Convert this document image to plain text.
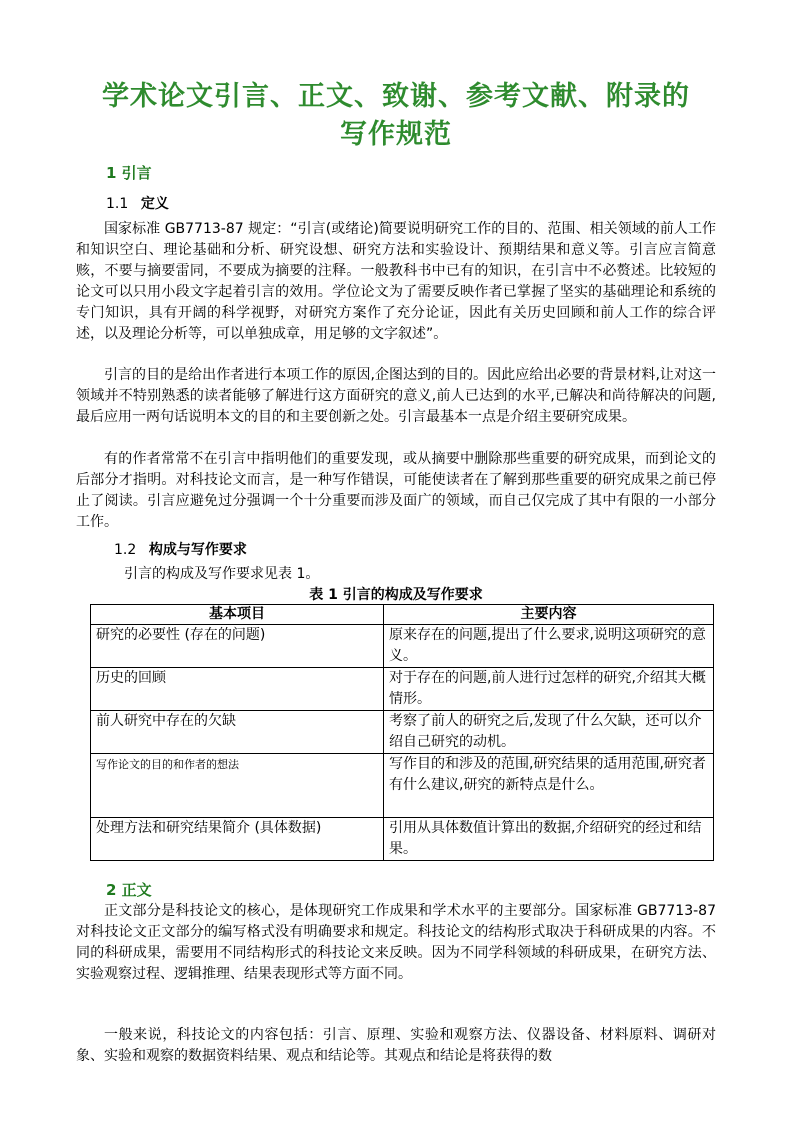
学术论文引言、正文、致谢、参考文献、附录的
写作规范
1 引言
1.1 定义

国家标准 GB7713-87 规定：“引言(或绪论)简要说明研究工作的目的、范围、相关领域的前人工作和知识空白、理论基础和分析、研究设想、研究方法和实验设计、预期结果和意义等。引言应言简意赅，不要与摘要雷同，不要成为摘要的注释。一般教科书中已有的知识，在引言中不必赘述。比较短的论文可以只用小段文字起着引言的效用。学位论文为了需要反映作者已掌握了坚实的基础理论和系统的专门知识，具有开阔的科学视野，对研究方案作了充分论证，因此有关历史回顾和前人工作的综合评述，以及理论分析等，可以单独成章，用足够的文字叙述”。

引言的目的是给出作者进行本项工作的原因,企图达到的目的。因此应给出必要的背景材料,让对这一领域并不特别熟悉的读者能够了解进行这方面研究的意义,前人已达到的水平,已解决和尚待解决的问题,最后应用一两句话说明本文的目的和主要创新之处。引言最基本一点是介绍主要研究成果。

有的作者常常不在引言中指明他们的重要发现，或从摘要中删除那些重要的研究成果，而到论文的后部分才指明。对科技论文而言，是一种写作错误，可能使读者在了解到那些重要的研究成果之前已停止了阅读。引言应避免过分强调一个十分重要而涉及面广的领域，而自己仅完成了其中有限的一小部分工作。

1.2 构成与写作要求
引言的构成及写作要求见表 1。
表 1 引言的构成及写作要求
基本项目	主要内容
研究的必要性 (存在的问题)	原来存在的问题,提出了什么要求,说明这项研究的意义。
历史的回顾	对于存在的问题,前人进行过怎样的研究,介绍其大概情形。
前人研究中存在的欠缺	考察了前人的研究之后,发现了什么欠缺，还可以介绍自己研究的动机。
写作论文的目的和作者的想法	写作目的和涉及的范围,研究结果的适用范围,研究者有什么建议,研究的新特点是什么。
处理方法和研究结果简介 (具体数据)	引用从具体数值计算出的数据,介绍研究的经过和结果。
2 正文

正文部分是科技论文的核心，是体现研究工作成果和学术水平的主要部分。国家标准 GB7713-87 对科技论文正文部分的编写格式没有明确要求和规定。科技论文的结构形式取决于科研成果的内容。不同的科研成果，需要用不同结构形式的科技论文来反映。因为不同学科领域的科研成果，在研究方法、实验观察过程、逻辑推理、结果表现形式等方面不同。

一般来说，科技论文的内容包括：引言、原理、实验和观察方法、仪器设备、材料原料、调研对象、实验和观察的数据资料结果、观点和结论等。其观点和结论是将获得的数
